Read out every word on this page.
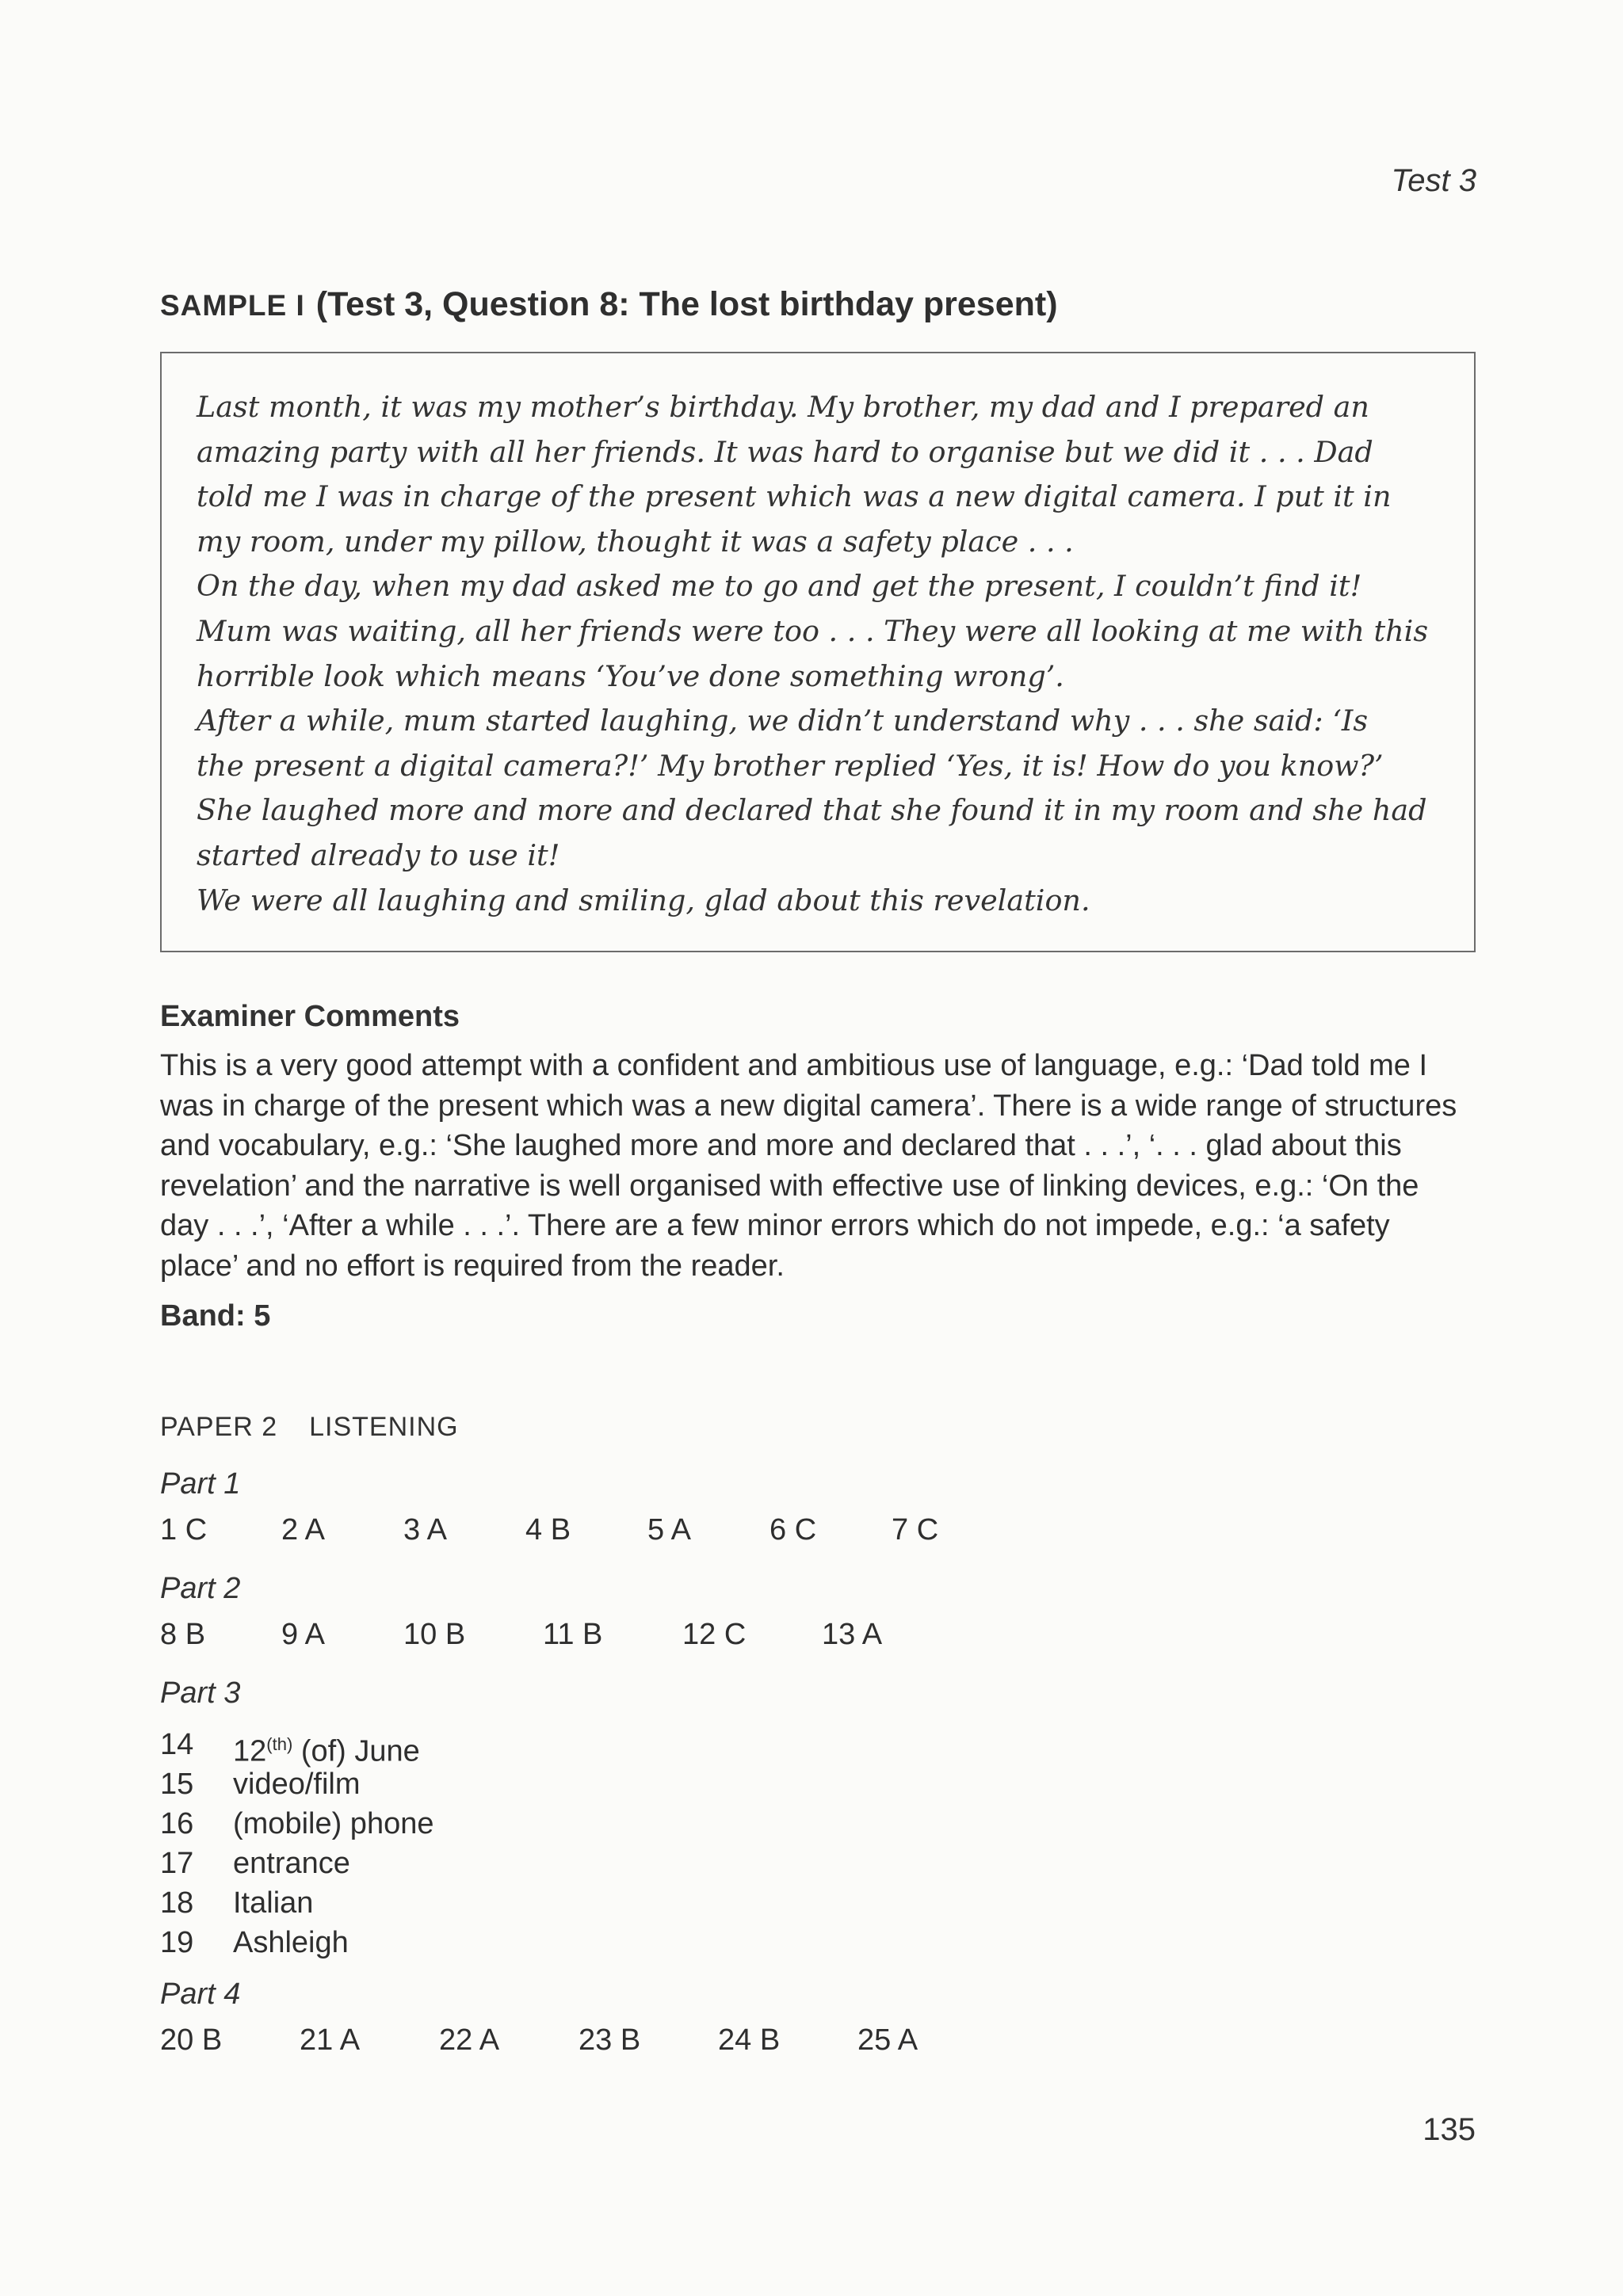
Test 3
SAMPLE I (Test 3, Question 8: The lost birthday present)
Last month, it was my mother’s birthday. My brother, my dad and I prepared an
amazing party with all her friends. It was hard to organise but we did it . . . Dad
told me I was in charge of the present which was a new digital camera. I put it in
my room, under my pillow, thought it was a safety place . . .
On the day, when my dad asked me to go and get the present, I couldn’t find it!
Mum was waiting, all her friends were too . . . They were all looking at me with this
horrible look which means ‘You’ve done something wrong’.
After a while, mum started laughing, we didn’t understand why . . . she said: ‘Is
the present a digital camera?!’ My brother replied ‘Yes, it is! How do you know?’
She laughed more and more and declared that she found it in my room and she had
started already to use it!
We were all laughing and smiling, glad about this revelation.
Examiner Comments
This is a very good attempt with a confident and ambitious use of language, e.g.: ‘Dad told me I
was in charge of the present which was a new digital camera’. There is a wide range of structures
and vocabulary, e.g.: ‘She laughed more and more and declared that . . .’, ‘. . . glad about this
revelation’ and the narrative is well organised with effective use of linking devices, e.g.: ‘On the
day . . .’, ‘After a while . . .’. There are a few minor errors which do not impede, e.g.: ‘a safety
place’ and no effort is required from the reader.
Band: 5
PAPER 2 LISTENING
Part 1
1 C 2 A	3 A	4 B	5 A	6 C 7 C
Part 2
8 B	9 A	10 B	11 B	12 C	13 A
Part 3
14 $12^{(th)}$ (of) June
15 video/film
16 (mobile) phone
17 entrance
18 Italian
19 Ashleigh
Part 4
20 B	21 A	22 A	23 B	24 B	25 A
135
